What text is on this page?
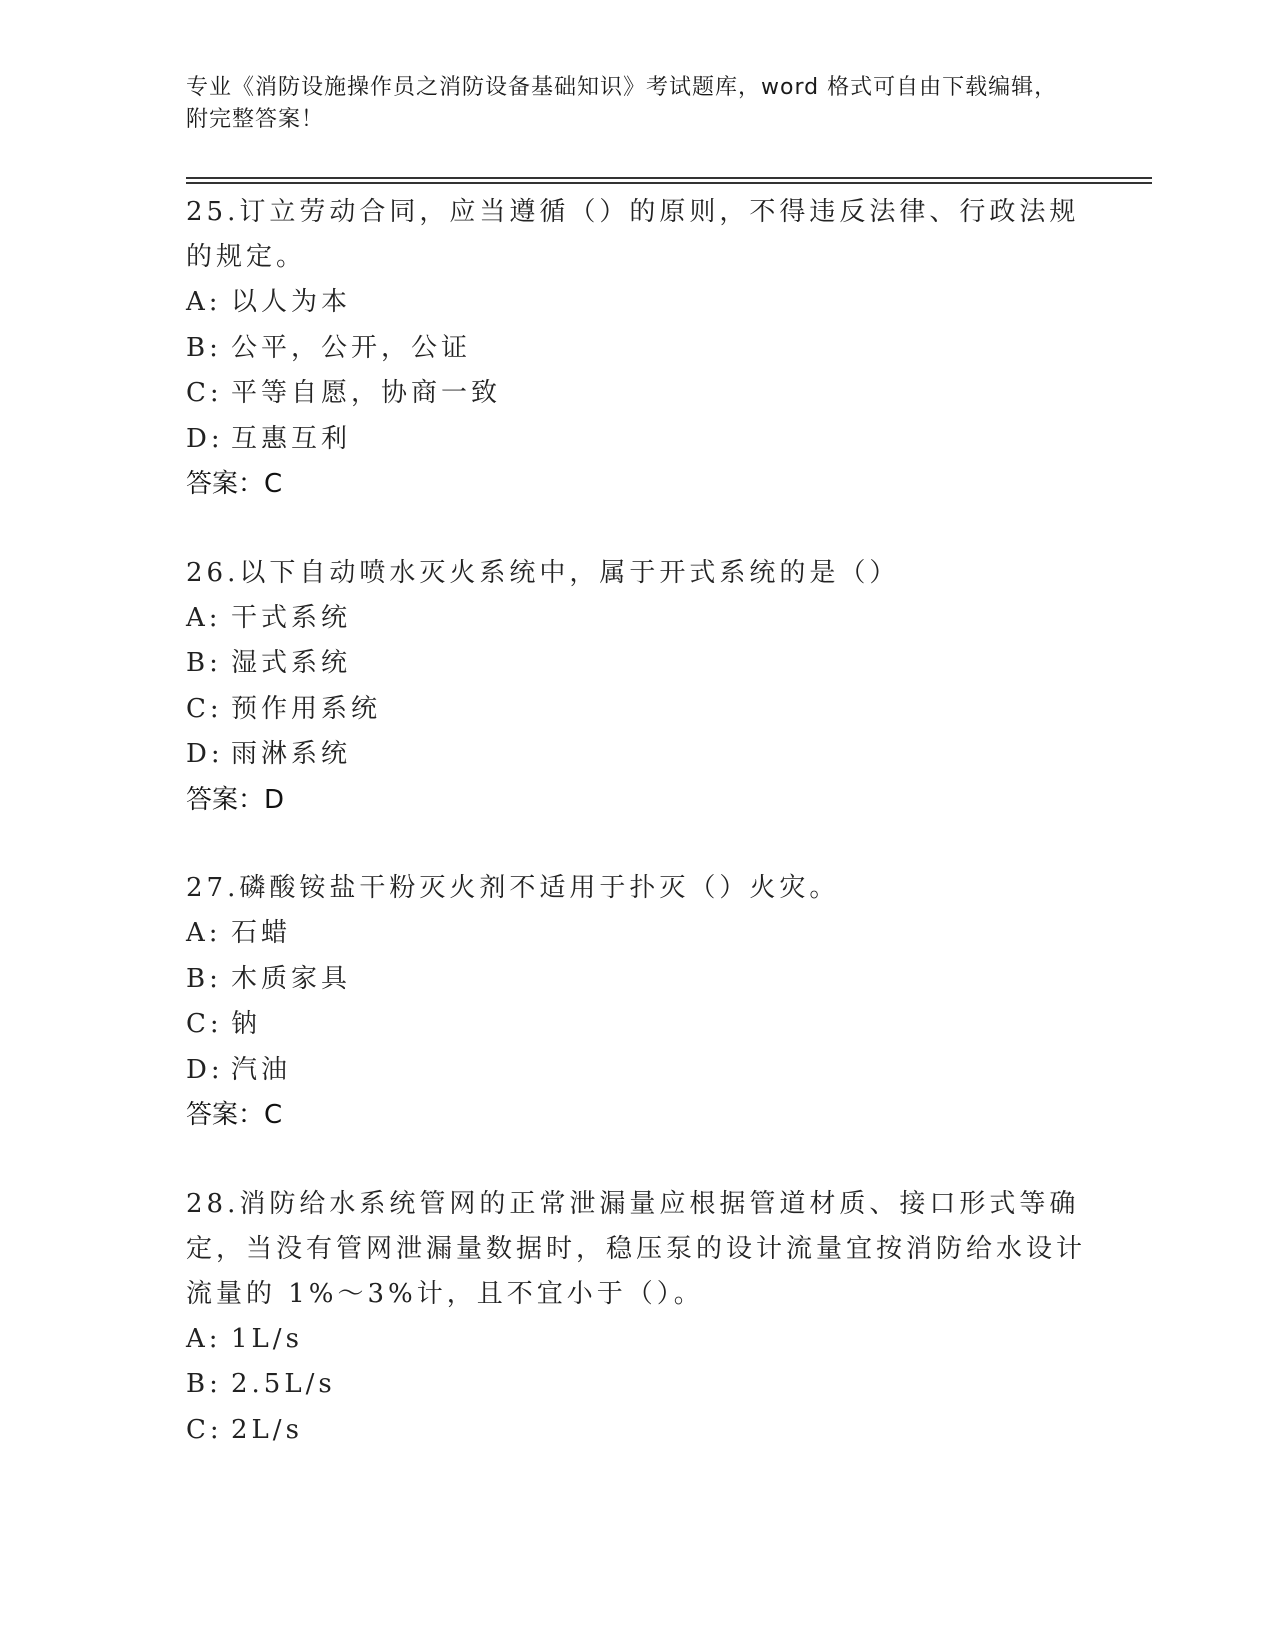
专业《消防设施操作员之消防设备基础知识》考试题库，word 格式可自由下载编辑，附完整答案！

25.订立劳动合同，应当遵循（）的原则，不得违反法律、行政法规的规定。

A: 以人为本

B: 公平，公开，公证

C: 平等自愿，协商一致

D: 互惠互利

答案：C

26.以下自动喷水灭火系统中，属于开式系统的是（）

A: 干式系统

B: 湿式系统

C: 预作用系统

D: 雨淋系统

答案：D

27.磷酸铵盐干粉灭火剂不适用于扑灭（）火灾。

A: 石蜡

B: 木质家具

C: 钠

D: 汽油

答案：C

28.消防给水系统管网的正常泄漏量应根据管道材质、接口形式等确定，当没有管网泄漏量数据时，稳压泵的设计流量宜按消防给水设计流量的 1%～3%计，且不宜小于（）。

A: 1L/s

B: 2.5L/s

C: 2L/s
